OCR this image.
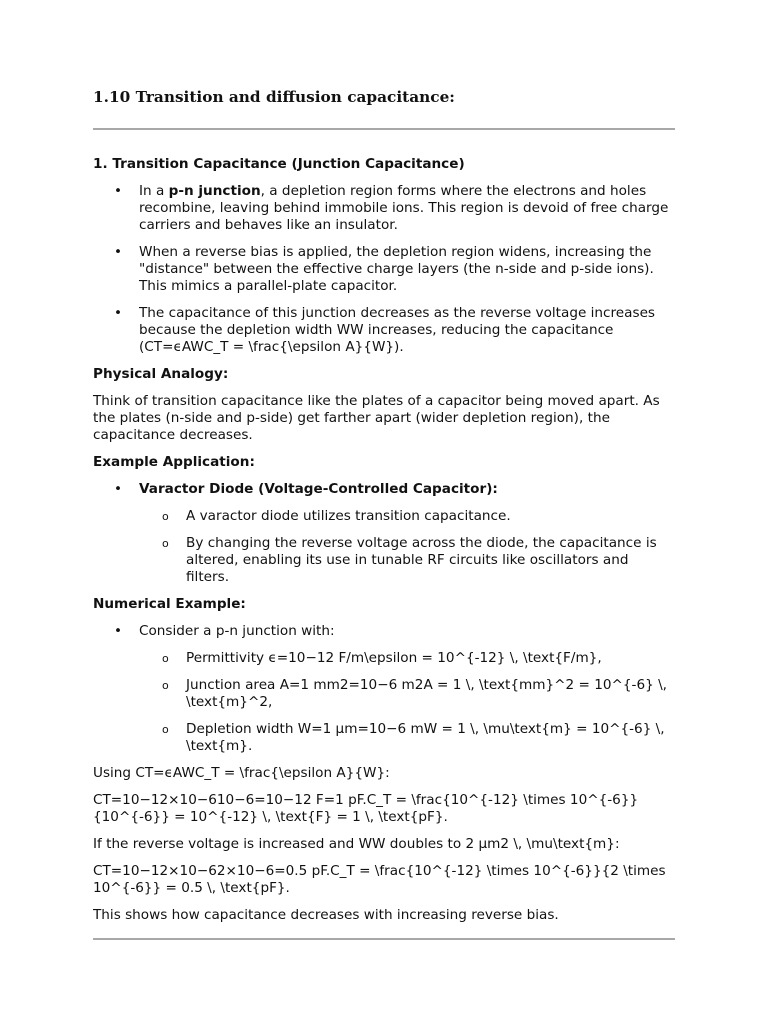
1.10 Transition and diffusion capacitance:
1. Transition Capacitance (Junction Capacitance)
• In a p-n junction, a depletion region forms where the electrons and holes recombine, leaving behind immobile ions. This region is devoid of free charge carriers and behaves like an insulator.
• When a reverse bias is applied, the depletion region widens, increasing the "distance" between the effective charge layers (the n-side and p-side ions). This mimics a parallel-plate capacitor.
• The capacitance of this junction decreases as the reverse voltage increases because the depletion width WW increases, reducing the capacitance (CT=ϵAWC_T = \frac{\epsilon A}{W}).
Physical Analogy:

Think of transition capacitance like the plates of a capacitor being moved apart. As the plates (n-side and p-side) get farther apart (wider depletion region), the capacitance decreases.

Example Application:
• Varactor Diode (Voltage-Controlled Capacitor):
o A varactor diode utilizes transition capacitance.
o By changing the reverse voltage across the diode, the capacitance is altered, enabling its use in tunable RF circuits like oscillators and filters.
Numerical Example:
• Consider a p-n junction with:
o Permittivity ϵ=10−12 F/m\epsilon = 10^{-12} \, \text{F/m},
o Junction area A=1 mm2=10−6 m2A = 1 \, \text{mm}^2 = 10^{-6} \, \text{m}^2,
o Depletion width W=1 μm=10−6 mW = 1 \, \mu\text{m} = 10^{-6} \, \text{m}.

Using CT=ϵAWC_T = \frac{\epsilon A}{W}:

CT=10−12×10−610−6=10−12 F=1 pF.C_T = \frac{10^{-12} \times 10^{-6}}{10^{-6}} = 10^{-12} \, \text{F} = 1 \, \text{pF}.

If the reverse voltage is increased and WW doubles to 2 μm2 \, \mu\text{m}:

CT=10−12×10−62×10−6=0.5 pF.C_T = \frac{10^{-12} \times 10^{-6}}{2 \times 10^{-6}} = 0.5 \, \text{pF}.

This shows how capacitance decreases with increasing reverse bias.
